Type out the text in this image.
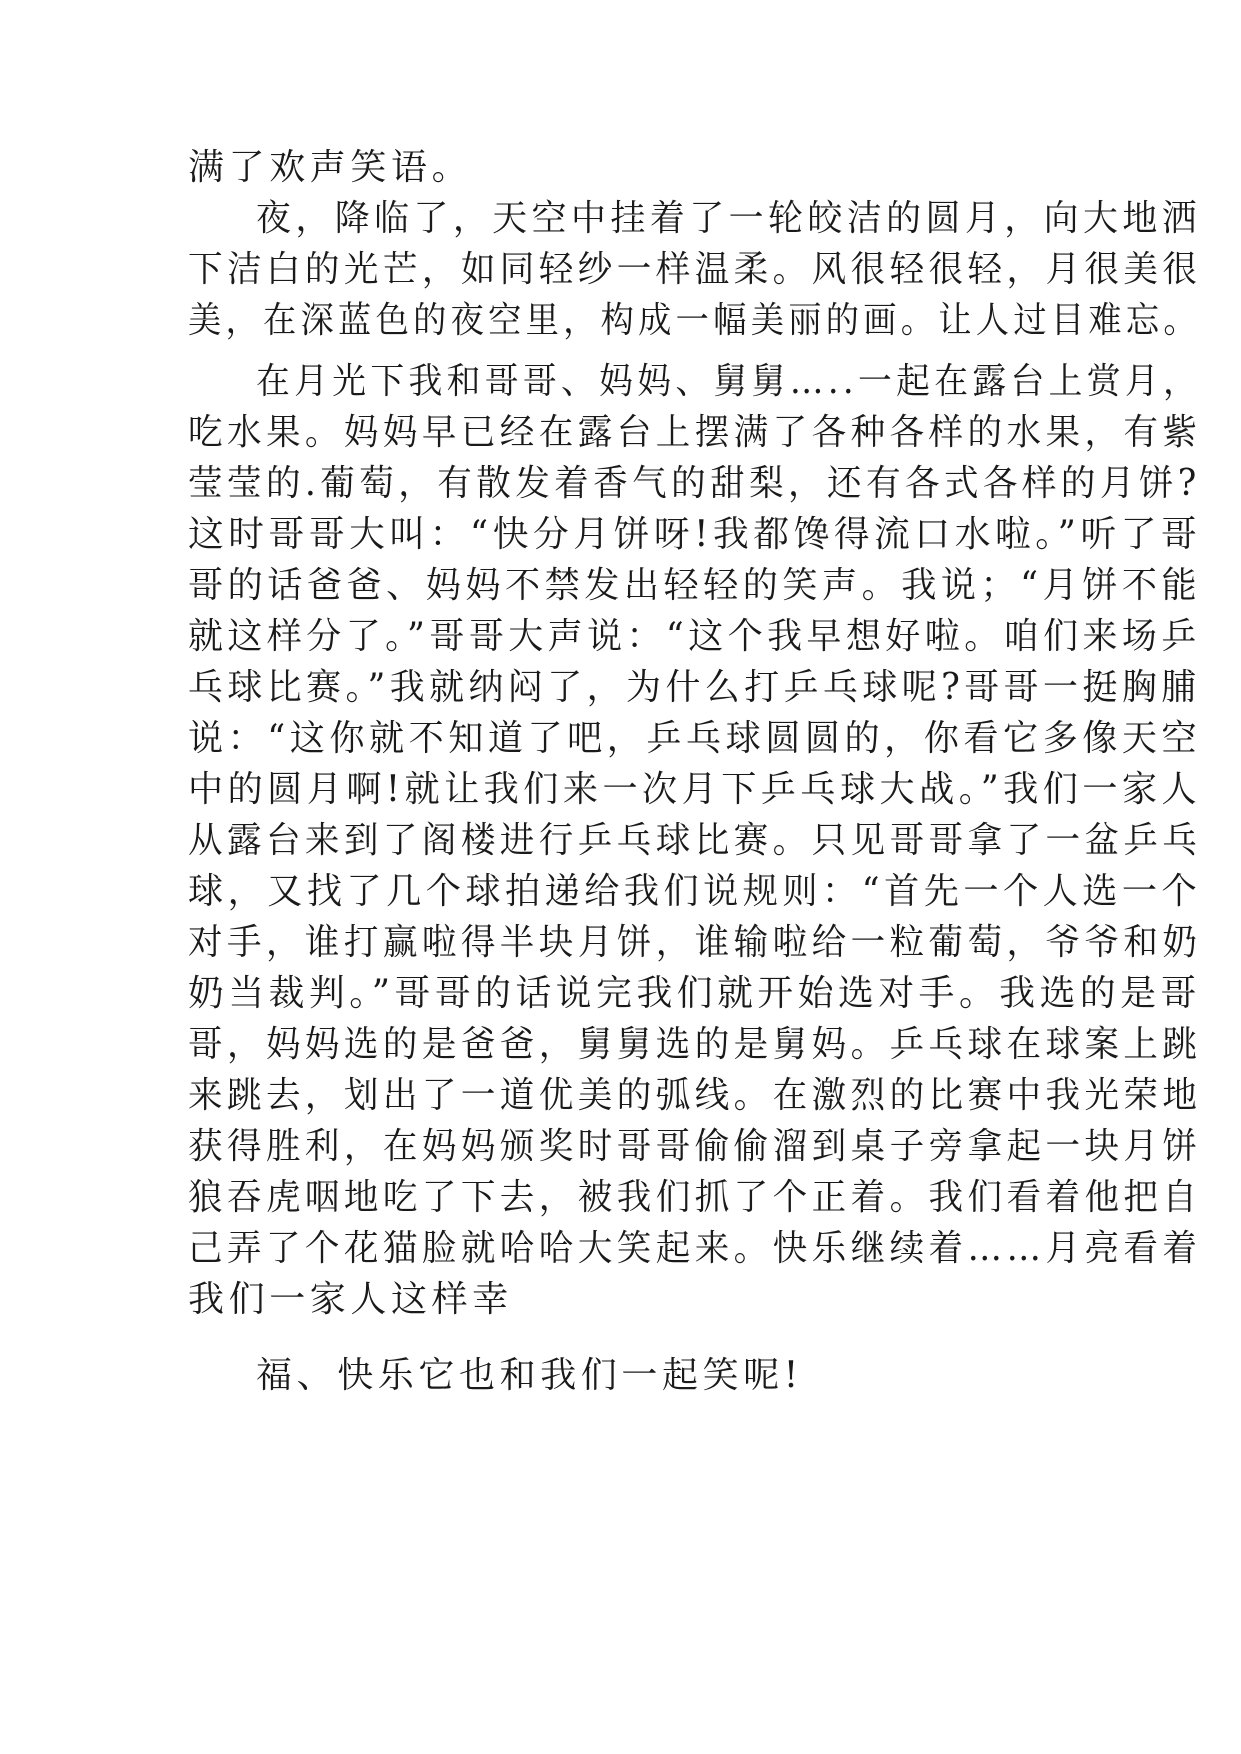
满了欢声笑语。
夜，降临了，天空中挂着了一轮皎洁的圆月，向大地洒
下洁白的光芒，如同轻纱一样温柔。风很轻很轻，月很美很
美，在深蓝色的夜空里，构成一幅美丽的画。让人过目难忘。
在月光下我和哥哥、妈妈、舅舅…..一起在露台上赏月，
吃水果。妈妈早已经在露台上摆满了各种各样的水果，有紫
莹莹的.葡萄，有散发着香气的甜梨，还有各式各样的月饼?
这时哥哥大叫：“快分月饼呀!我都馋得流口水啦。”听了哥
哥的话爸爸、妈妈不禁发出轻轻的笑声。我说；“月饼不能
就这样分了。”哥哥大声说：“这个我早想好啦。咱们来场乒
乓球比赛。”我就纳闷了，为什么打乒乓球呢?哥哥一挺胸脯
说：“这你就不知道了吧，乒乓球圆圆的，你看它多像天空
中的圆月啊!就让我们来一次月下乒乓球大战。”我们一家人
从露台来到了阁楼进行乒乓球比赛。只见哥哥拿了一盆乒乓
球，又找了几个球拍递给我们说规则：“首先一个人选一个
对手，谁打赢啦得半块月饼，谁输啦给一粒葡萄，爷爷和奶
奶当裁判。”哥哥的话说完我们就开始选对手。我选的是哥
哥，妈妈选的是爸爸，舅舅选的是舅妈。乒乓球在球案上跳
来跳去，划出了一道优美的弧线。在激烈的比赛中我光荣地
获得胜利，在妈妈颁奖时哥哥偷偷溜到桌子旁拿起一块月饼
狼吞虎咽地吃了下去，被我们抓了个正着。我们看着他把自
己弄了个花猫脸就哈哈大笑起来。快乐继续着……月亮看着
我们一家人这样幸
福、快乐它也和我们一起笑呢!
